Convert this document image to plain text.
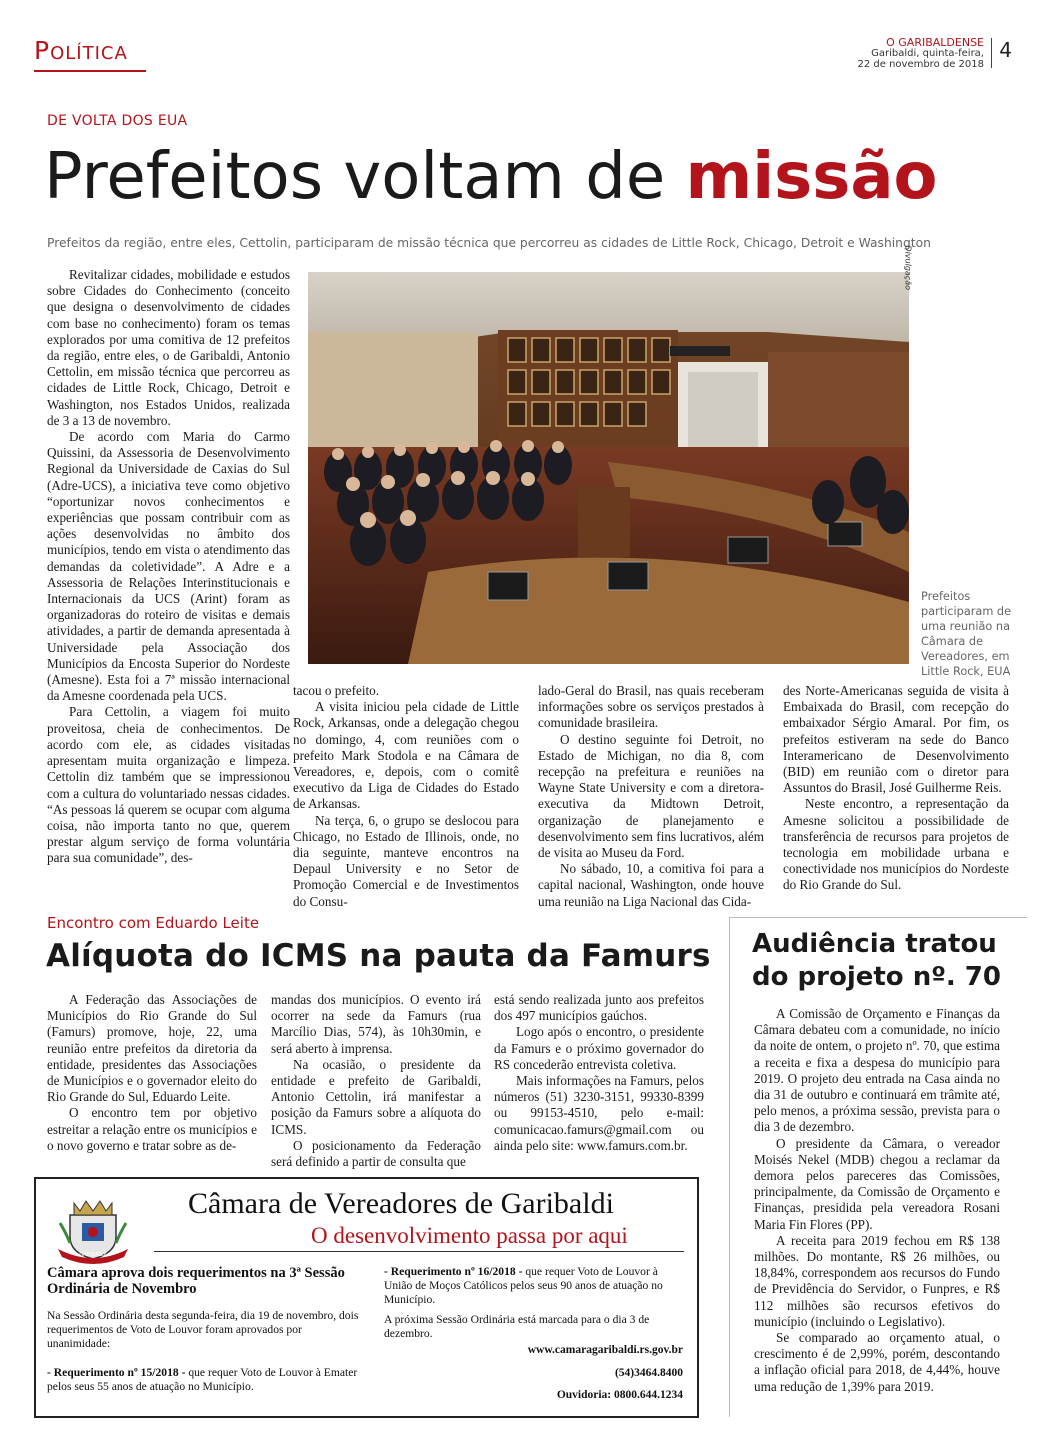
Política	O GARIBALDENSE
Garibaldi, quinta-feira,
22 de novembro de 2018
4
DE VOLTA DOS EUA
Prefeitos voltam de missão
Prefeitos da região, entre eles, Cettolin, participaram de missão técnica que percorreu as cidades de Little Rock, Chicago, Detroit e Washington
Divulgação
Prefeitos participaram de uma reunião na Câmara de Vereadores, em Little Rock, EUA

Revitalizar cidades, mobilidade e estudos sobre Cidades do Conhecimento (conceito que designa o desenvolvimento de cidades com base no conhecimento) foram os temas explorados por uma comitiva de 12 prefeitos da região, entre eles, o de Garibaldi, Antonio Cettolin, em missão técnica que percorreu as cidades de Little Rock, Chicago, Detroit e Washington, nos Estados Unidos, realizada de 3 a 13 de novembro.

De acordo com Maria do Carmo Quissini, da Assessoria de Desenvolvimento Regional da Universidade de Caxias do Sul (Adre-UCS), a iniciativa teve como objetivo “oportunizar novos conhecimentos e experiências que possam contribuir com as ações desenvolvidas no âmbito dos municípios, tendo em vista o atendimento das demandas da coletividade”. A Adre e a Assessoria de Relações Interinstitucionais e Internacionais da UCS (Arint) foram as organizadoras do roteiro de visitas e demais atividades, a partir de demanda apresentada à Universidade pela Associação dos Municípios da Encosta Superior do Nordeste (Amesne). Esta foi a 7ª missão internacional da Amesne coordenada pela UCS.

Para Cettolin, a viagem foi muito proveitosa, cheia de conhecimentos. De acordo com ele, as cidades visitadas apresentam muita organização e limpeza. Cettolin diz também que se impressionou com a cultura do voluntariado nessas cidades. “As pessoas lá querem se ocupar com alguma coisa, não importa tanto no que, querem prestar algum serviço de forma voluntária para sua comunidade”, des-

tacou o prefeito.

A visita iniciou pela cidade de Little Rock, Arkansas, onde a delegação chegou no domingo, 4, com reuniões com o prefeito Mark Stodola e na Câmara de Vereadores, e, depois, com o comitê executivo da Liga de Cidades do Estado de Arkansas.

Na terça, 6, o grupo se deslocou para Chicago, no Estado de Illinois, onde, no dia seguinte, manteve encontros na Depaul University e no Setor de Promoção Comercial e de Investimentos do Consu-

lado-Geral do Brasil, nas quais receberam informações sobre os serviços prestados à comunidade brasileira.

O destino seguinte foi Detroit, no Estado de Michigan, no dia 8, com recepção na prefeitura e reuniões na Wayne State University e com a diretora-executiva da Midtown Detroit, organização de planejamento e desenvolvimento sem fins lucrativos, além de visita ao Museu da Ford.

No sábado, 10, a comitiva foi para a capital nacional, Washington, onde houve uma reunião na Liga Nacional das Cida-

des Norte-Americanas seguida de visita à Embaixada do Brasil, com recepção do embaixador Sérgio Amaral. Por fim, os prefeitos estiveram na sede do Banco Interamericano de Desenvolvimento (BID) em reunião com o diretor para Assuntos do Brasil, José Guilherme Reis.

Neste encontro, a representação da Amesne solicitou a possibilidade de transferência de recursos para projetos de tecnologia em mobilidade urbana e conectividade nos municípios do Nordeste do Rio Grande do Sul.

Encontro com Eduardo Leite
Alíquota do ICMS na pauta da Famurs

A Federação das Associações de Municípios do Rio Grande do Sul (Famurs) promove, hoje, 22, uma reunião entre prefeitos da diretoria da entidade, presidentes das Associações de Municípios e o governador eleito do Rio Grande do Sul, Eduardo Leite.

O encontro tem por objetivo estreitar a relação entre os municípios e o novo governo e tratar sobre as de-

mandas dos municípios. O evento irá ocorrer na sede da Famurs (rua Marcílio Dias, 574), às 10h30min, e será aberto à imprensa.

Na ocasião, o presidente da entidade e prefeito de Garibaldi, Antonio Cettolin, irá manifestar a posição da Famurs sobre a alíquota do ICMS.

O posicionamento da Federação será definido a partir de consulta que

está sendo realizada junto aos prefeitos dos 497 municípios gaúchos.

Logo após o encontro, o presidente da Famurs e o próximo governador do RS concederão entrevista coletiva.

Mais informações na Famurs, pelos números (51) 3230-3151, 99330-8399 ou 99153-4510, pelo e-mail: comunicacao.famurs@gmail.com ou ainda pelo site: www.famurs.com.br.

Audiência tratou do projeto nº. 70

A Comissão de Orçamento e Finanças da Câmara debateu com a comunidade, no início da noite de ontem, o projeto nº. 70, que estima a receita e fixa a despesa do município para 2019. O projeto deu entrada na Casa ainda no dia 31 de outubro e continuará em trâmite até, pelo menos, a próxima sessão, prevista para o dia 3 de dezembro.

O presidente da Câmara, o vereador Moisés Nekel (MDB) chegou a reclamar da demora pelos pareceres das Comissões, principalmente, da Comissão de Orçamento e Finanças, presidida pela vereadora Rosani Maria Fin Flores (PP).

A receita para 2019 fechou em R$ 138 milhões. Do montante, R$ 26 milhões, ou 18,84%, correspondem aos recursos do Fundo de Previdência do Servidor, o Funpres, e R$ 112 milhões são recursos efetivos do município (incluindo o Legislativo).

Se comparado ao orçamento atual, o crescimento é de 2,99%, porém, descontando a inflação oficial para 2018, de 4,44%, houve uma redução de 1,39% para 2019.

GARIBALDI
Câmara de Vereadores de Garibaldi
O desenvolvimento passa por aqui
Câmara aprova dois requerimentos na 3ª Sessão Ordinária de Novembro
Na Sessão Ordinária desta segunda-feira, dia 19 de novembro, dois requerimentos de Voto de Louvor foram aprovados por unanimidade:
- Requerimento nº 15/2018 - que requer Voto de Louvor à Emater pelos seus 55 anos de atuação no Município.
- Requerimento nº 16/2018 - que requer Voto de Louvor à União de Moços Católicos pelos seus 90 anos de atuação no Município.
A próxima Sessão Ordinária está marcada para o dia 3 de dezembro.
www.camaragaribaldi.rs.gov.br
(54)3464.8400
Ouvidoria: 0800.644.1234
